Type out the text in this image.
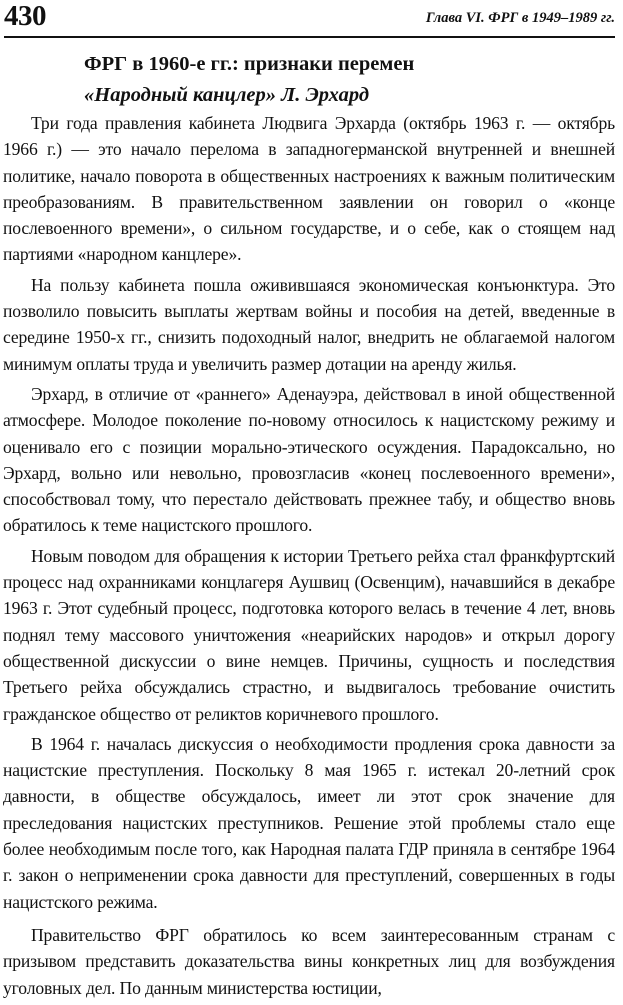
430	Глава VI. ФРГ в 1949–1989 гг.
ФРГ в 1960-е гг.: признаки перемен
«Народный канцлер» Л. Эрхард

Три года правления кабинета Людвига Эрхарда (октябрь 1963 г. — октябрь 1966 г.) — это начало перелома в западногерманской внутренней и внешней политике, начало поворота в общественных настроениях к важным политическим преобразованиям. В правительственном заявлении он говорил о «конце послевоенного времени», о сильном государстве, и о себе, как о стоящем над партиями «народном канцлере».

На пользу кабинета пошла оживившаяся экономическая конъюнктура. Это позволило повысить выплаты жертвам войны и пособия на детей, введенные в середине 1950-х гг., снизить подоходный налог, внедрить не облагаемой налогом минимум оплаты труда и увеличить размер дотации на аренду жилья.

Эрхард, в отличие от «раннего» Аденауэра, действовал в иной общественной атмосфере. Молодое поколение по-новому относилось к нацистскому режиму и оценивало его с позиции морально-этического осуждения. Парадоксально, но Эрхард, вольно или невольно, провозгласив «конец послевоенного времени», способствовал тому, что перестало действовать прежнее табу, и общество вновь обратилось к теме нацистского прошлого.

Новым поводом для обращения к истории Третьего рейха стал франкфуртский процесс над охранниками концлагеря Аушвиц (Освенцим), начавшийся в декабре 1963 г. Этот судебный процесс, подготовка которого велась в течение 4 лет, вновь поднял тему массового уничтожения «неарийских народов» и открыл дорогу общественной дискуссии о вине немцев. Причины, сущность и последствия Третьего рейха обсуждались страстно, и выдвигалось требование очистить гражданское общество от реликтов коричневого прошлого.

В 1964 г. началась дискуссия о необходимости продления срока давности за нацистские преступления. Поскольку 8 мая 1965 г. истекал 20-летний срок давности, в обществе обсуждалось, имеет ли этот срок значение для преследования нацистских преступников. Решение этой проблемы стало еще более необходимым после того, как Народная палата ГДР приняла в сентябре 1964 г. закон о неприменении срока давности для преступлений, совершенных в годы нацистского режима.

Правительство ФРГ обратилось ко всем заинтересованным странам с призывом представить доказательства вины конкретных лиц для возбуждения уголовных дел. По данным министерства юстиции,
